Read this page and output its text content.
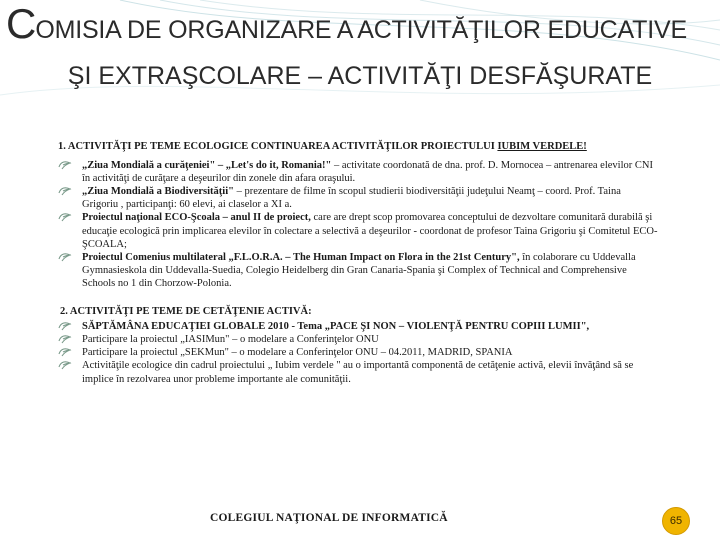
COMISIA DE ORGANIZARE A ACTIVITĂŢILOR EDUCATIVE
ŞI EXTRAŞCOLARE – ACTIVITĂŢI DESFĂŞURATE
1. ACTIVITĂŢI PE TEME ECOLOGICE CONTINUAREA ACTIVITĂŢILOR PROIECTULUI IUBIM VERDELE!
„Ziua Mondială a curăţeniei" – „Let's do it, Romania!" – activitate coordonată de dna. prof. D. Mornocea – antrenarea elevilor CNI în activităţi de curăţare a deşeurilor din zonele din afara oraşului.
„Ziua Mondială a Biodiversităţii" – prezentare de filme în scopul studierii biodiversităţii judeţului Neamţ – coord. Prof. Taina Grigoriu , participanţi: 60 elevi, ai claselor a XI a.
Proiectul naţional ECO-Şcoala – anul II de proiect, care are drept scop promovarea conceptului de dezvoltare comunitară durabilă şi educaţie ecologică prin implicarea elevilor în colectare a selectivă a deşeurilor - coordonat de profesor Taina Grigoriu şi Comitetul ECO-ŞCOALA;
Proiectul Comenius multilateral „F.L.O.R.A. – The Human Impact on Flora in the 21st Century", în colaborare cu Uddevalla Gymnasieskola din Uddevalla-Suedia, Colegio Heidelberg din Gran Canaria-Spania şi Complex of Technical and Comprehensive Schools no 1 din Chorzow-Polonia.
2. ACTIVITĂŢI PE TEME DE CETĂŢENIE ACTIVĂ:
SĂPTĂMÂNA EDUCAŢIEI GLOBALE 2010 - Tema „PACE ŞI NON – VIOLENŢĂ PENTRU COPIII LUMII",
Participare la proiectul „IASIMun" – o modelare a Conferinţelor ONU
Participare la proiectul „SEKMun" – o modelare a Conferinţelor ONU – 04.2011, MADRID, SPANIA
Activităţile ecologice din cadrul proiectului „ Iubim verdele " au o importantă componentă de cetăţenie activă, elevii învăţând să se implice în rezolvarea unor probleme importante ale comunităţii.
COLEGIUL NAŢIONAL DE INFORMATICĂ	65
